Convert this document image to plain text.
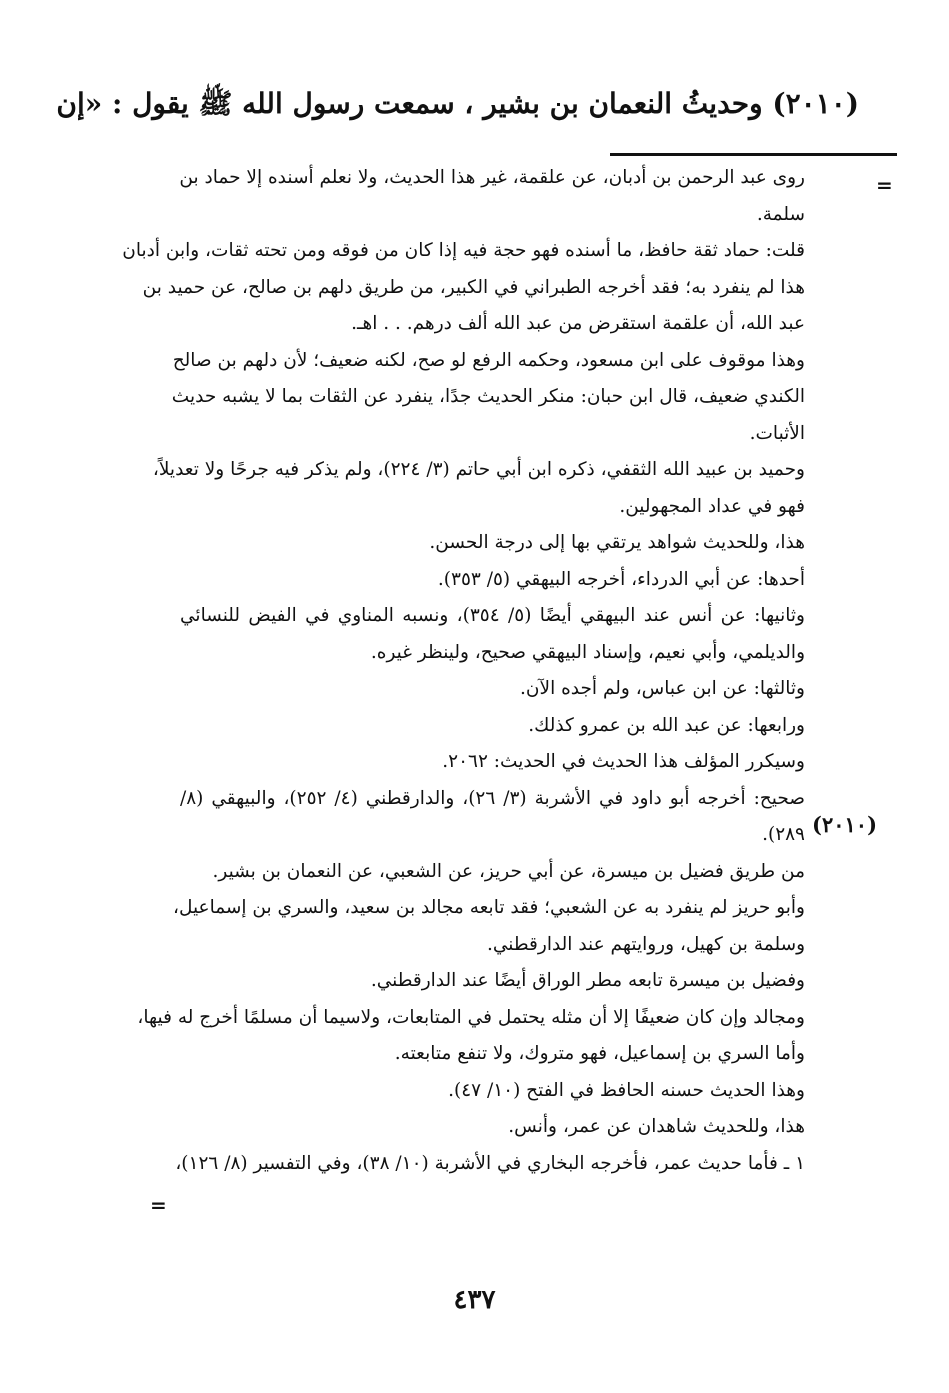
(٢٠١٠) وحديثُ النعمان بن بشير ، سمعت رسول الله ﷺ يقول : «إن
=
(٢٠١٠)
=
روى عبد الرحمن بن أدبان، عن علقمة، غير هذا الحديث، ولا نعلم أسنده إلا حماد بن
سلمة.
قلت: حماد ثقة حافظ، ما أسنده فهو حجة فيه إذا كان من فوقه ومن تحته ثقات، وابن أدبان
هذا لم ينفرد به؛ فقد أخرجه الطبراني في الكبير، من طريق دلهم بن صالح، عن حميد بن
عبد الله، أن علقمة استقرض من عبد الله ألف درهم. . . اهـ.
وهذا موقوف على ابن مسعود، وحكمه الرفع لو صح، لكنه ضعيف؛ لأن دلهم بن صالح
الكندي ضعيف، قال ابن حبان: منكر الحديث جدًا، ينفرد عن الثقات بما لا يشبه حديث
الأثبات.
وحميد بن عبيد الله الثقفي، ذكره ابن أبي حاتم (٣/ ٢٢٤)، ولم يذكر فيه جرحًا ولا تعديلاً،
فهو في عداد المجهولين.
هذا، وللحديث شواهد يرتقي بها إلى درجة الحسن.
أحدها: عن أبي الدرداء، أخرجه البيهقي (٥/ ٣٥٣).
وثانيها: عن أنس عند البيهقي أيضًا (٥/ ٣٥٤)، ونسبه المناوي في الفيض للنسائي
والديلمي، وأبي نعيم، وإسناد البيهقي صحيح، ولينظر غيره.
وثالثها: عن ابن عباس، ولم أجده الآن.
ورابعها: عن عبد الله بن عمرو كذلك.
وسيكرر المؤلف هذا الحديث في الحديث: ٢٠٦٢.
صحيح: أخرجه أبو داود في الأشربة (٣/ ٢٦)، والدارقطني (٤/ ٢٥٢)، والبيهقي (٨/
٢٨٩).
من طريق فضيل بن ميسرة، عن أبي حريز، عن الشعبي، عن النعمان بن بشير.
وأبو حريز لم ينفرد به عن الشعبي؛ فقد تابعه مجالد بن سعيد، والسري بن إسماعيل،
وسلمة بن كهيل، وروايتهم عند الدارقطني.
وفضيل بن ميسرة تابعه مطر الوراق أيضًا عند الدارقطني.
ومجالد وإن كان ضعيفًا إلا أن مثله يحتمل في المتابعات، ولاسيما أن مسلمًا أخرج له فيها،
وأما السري بن إسماعيل، فهو متروك، ولا تنفع متابعته.
وهذا الحديث حسنه الحافظ في الفتح (١٠/ ٤٧).
هذا، وللحديث شاهدان عن عمر، وأنس.
١ ـ فأما حديث عمر، فأخرجه البخاري في الأشربة (١٠/ ٣٨)، وفي التفسير (٨/ ١٢٦)،
٤٣٧
